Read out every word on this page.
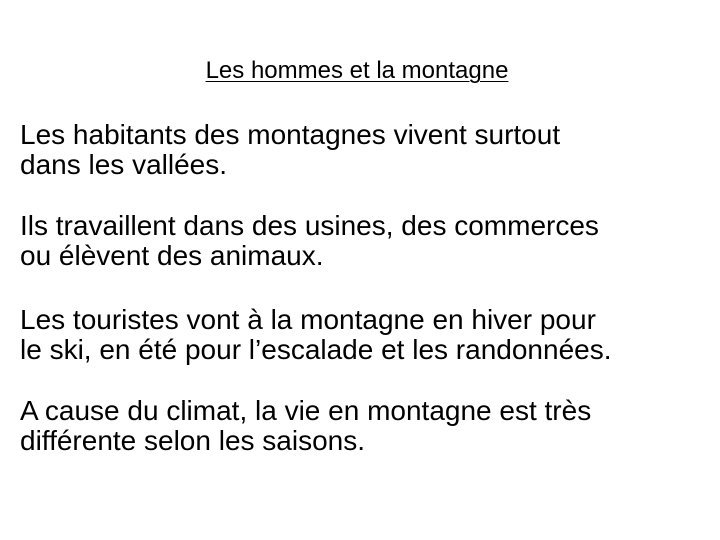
Les hommes et la montagne

Les habitants des montagnes vivent surtout
dans les vallées.

Ils travaillent dans des usines, des commerces
ou élèvent des animaux.

Les touristes vont à la montagne en hiver pour
le ski, en été pour l’escalade et les randonnées.

A cause du climat, la vie en montagne est très
différente selon les saisons.
